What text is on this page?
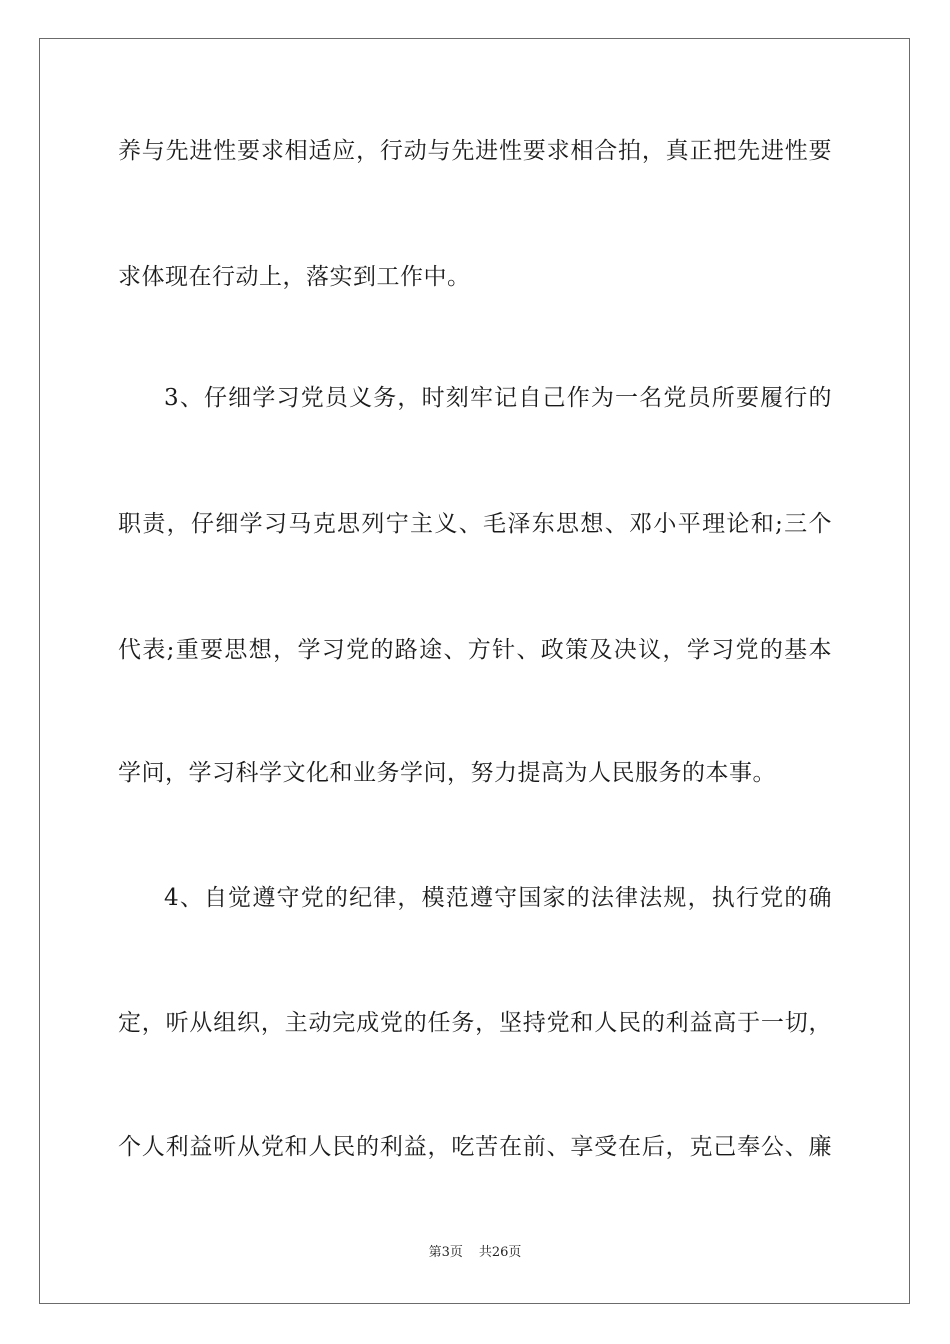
养与先进性要求相适应，行动与先进性要求相合拍，真正把先进性要
求体现在行动上，落实到工作中。
3、仔细学习党员义务，时刻牢记自己作为一名党员所要履行的
职责，仔细学习马克思列宁主义、毛泽东思想、邓小平理论和;三个
代表;重要思想，学习党的路途、方针、政策及决议，学习党的基本
学问，学习科学文化和业务学问，努力提高为人民服务的本事。
4、自觉遵守党的纪律，模范遵守国家的法律法规，执行党的确
定，听从组织，主动完成党的任务，坚持党和人民的利益高于一切，
个人利益听从党和人民的利益，吃苦在前、享受在后，克己奉公、廉
第3页 共26页
